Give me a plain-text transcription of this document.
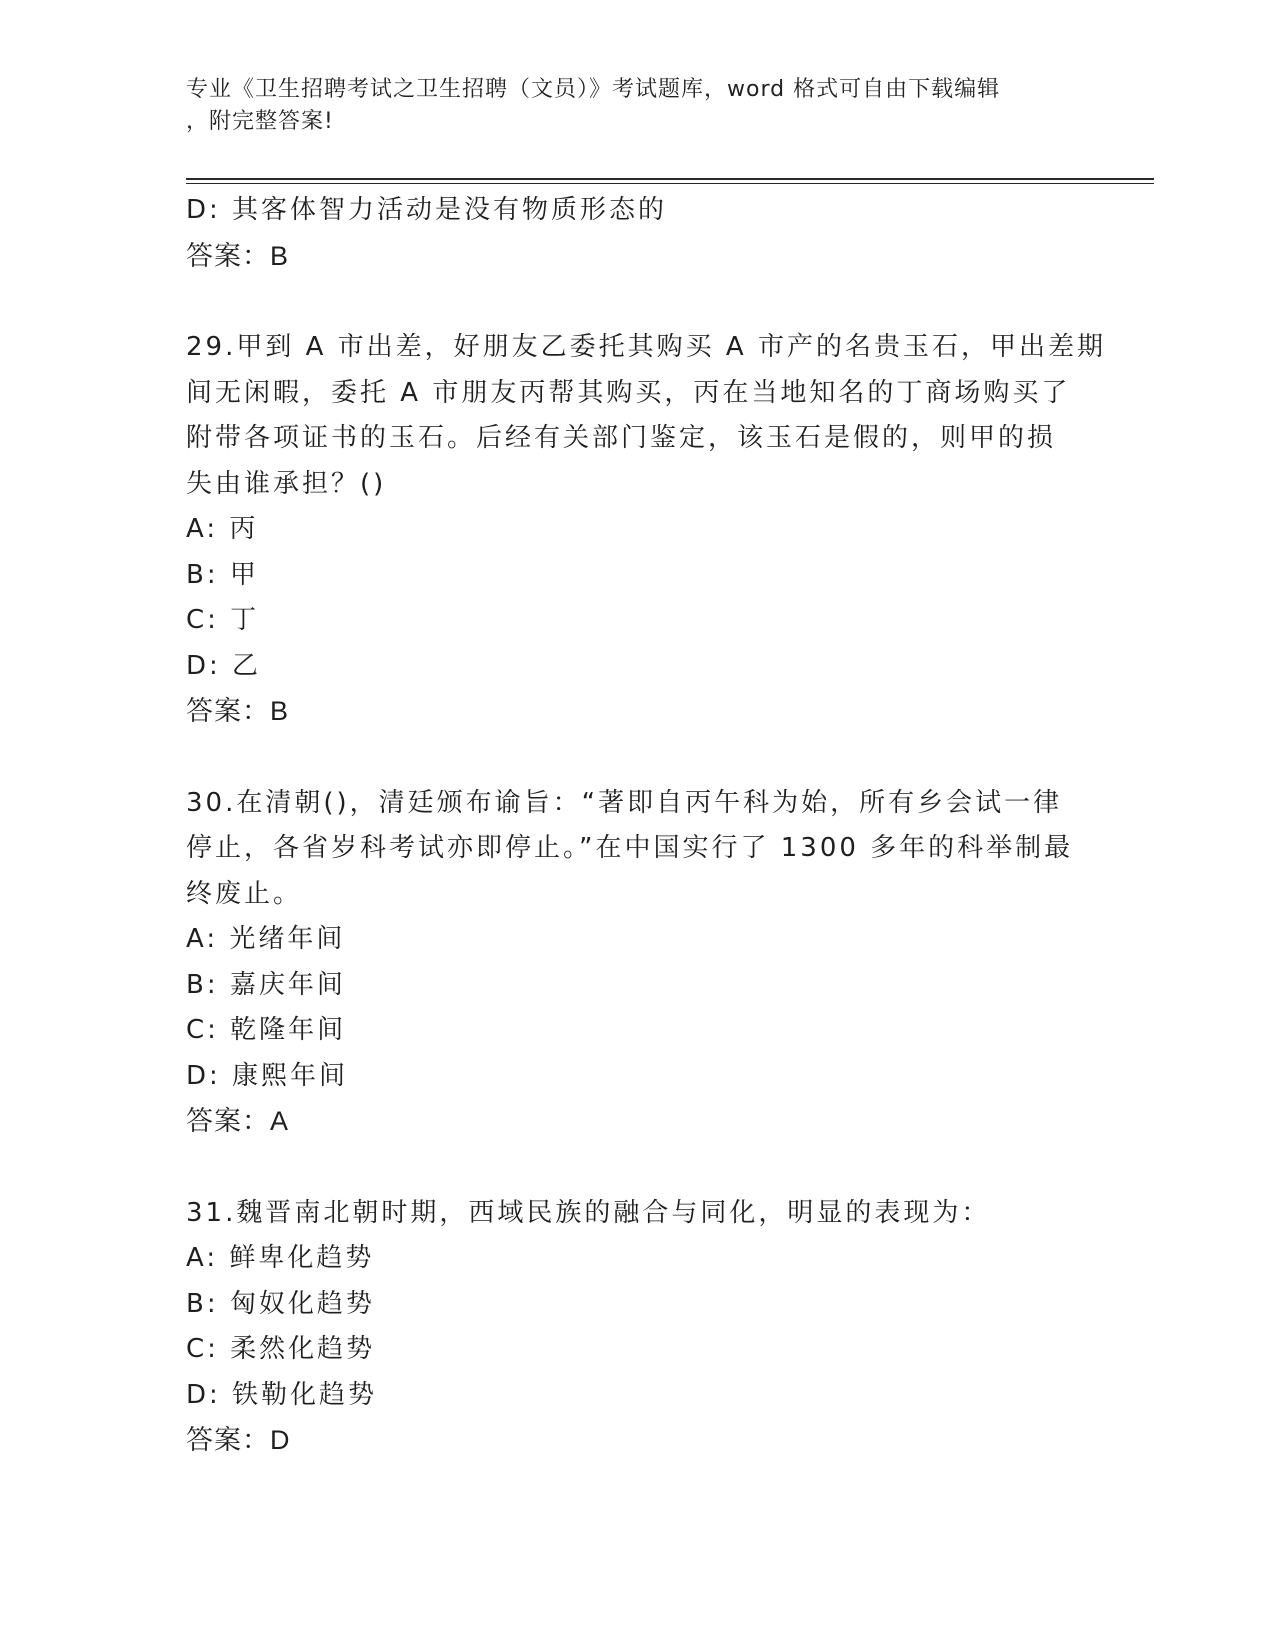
专业《卫生招聘考试之卫生招聘（文员）》考试题库，word 格式可自由下载编辑
，附完整答案!
D: 其客体智力活动是没有物质形态的
答案：B
29.甲到 A 市出差，好朋友乙委托其购买 A 市产的名贵玉石，甲出差期
间无闲暇，委托 A 市朋友丙帮其购买，丙在当地知名的丁商场购买了
附带各项证书的玉石。后经有关部门鉴定，该玉石是假的，则甲的损
失由谁承担？()
A: 丙
B: 甲
C: 丁
D: 乙
答案：B
30.在清朝()，清廷颁布谕旨：“著即自丙午科为始，所有乡会试一律
停止，各省岁科考试亦即停止。”在中国实行了 1300 多年的科举制最
终废止。
A: 光绪年间
B: 嘉庆年间
C: 乾隆年间
D: 康熙年间
答案：A
31.魏晋南北朝时期，西域民族的融合与同化，明显的表现为：
A: 鲜卑化趋势
B: 匈奴化趋势
C: 柔然化趋势
D: 铁勒化趋势
答案：D
